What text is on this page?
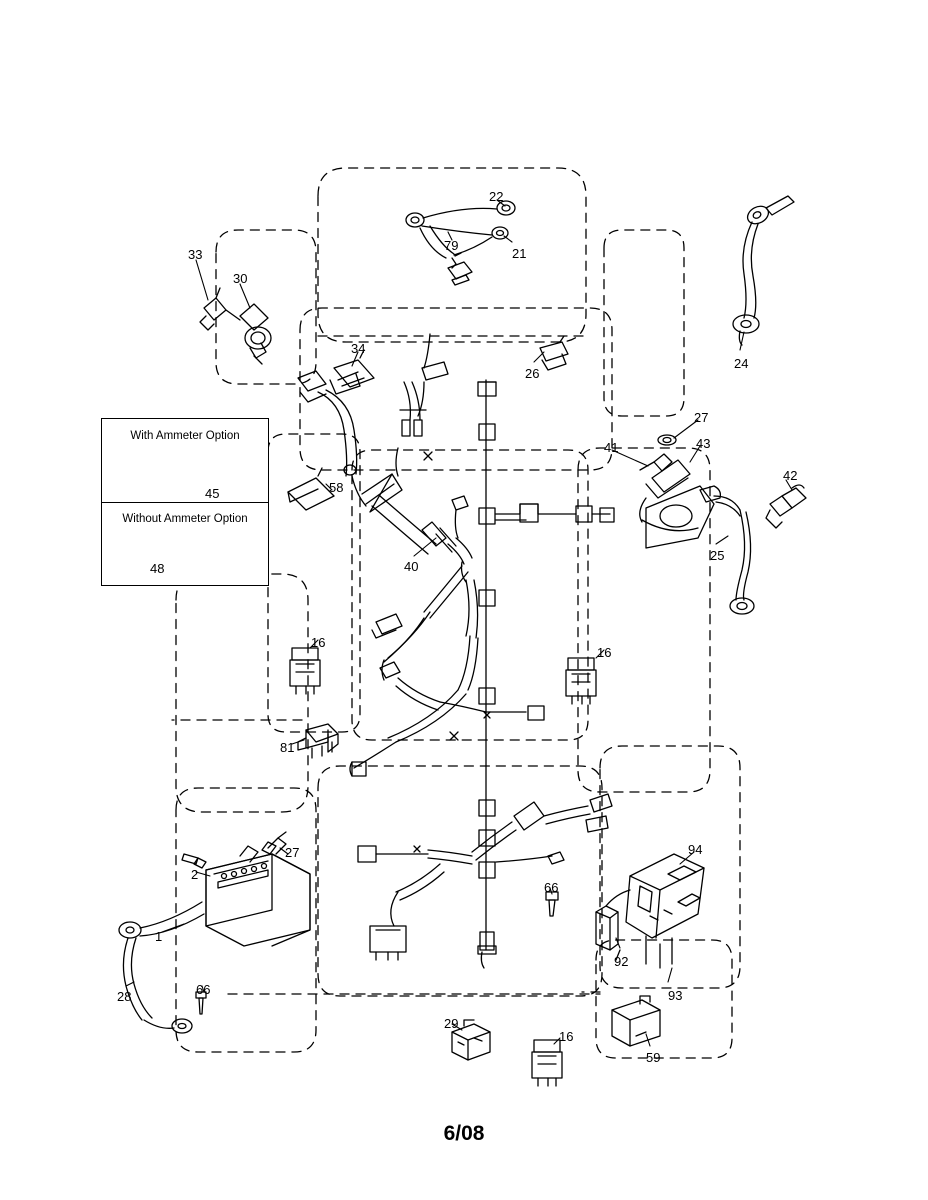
With Ammeter Option
Without Ammeter Option
33
30
22
79
21
24
34
26
27
41	43
42
45	58
48
25
40
16
16
81
94
27
2
66
1
92
66	93
28
29
16
59
6/08
